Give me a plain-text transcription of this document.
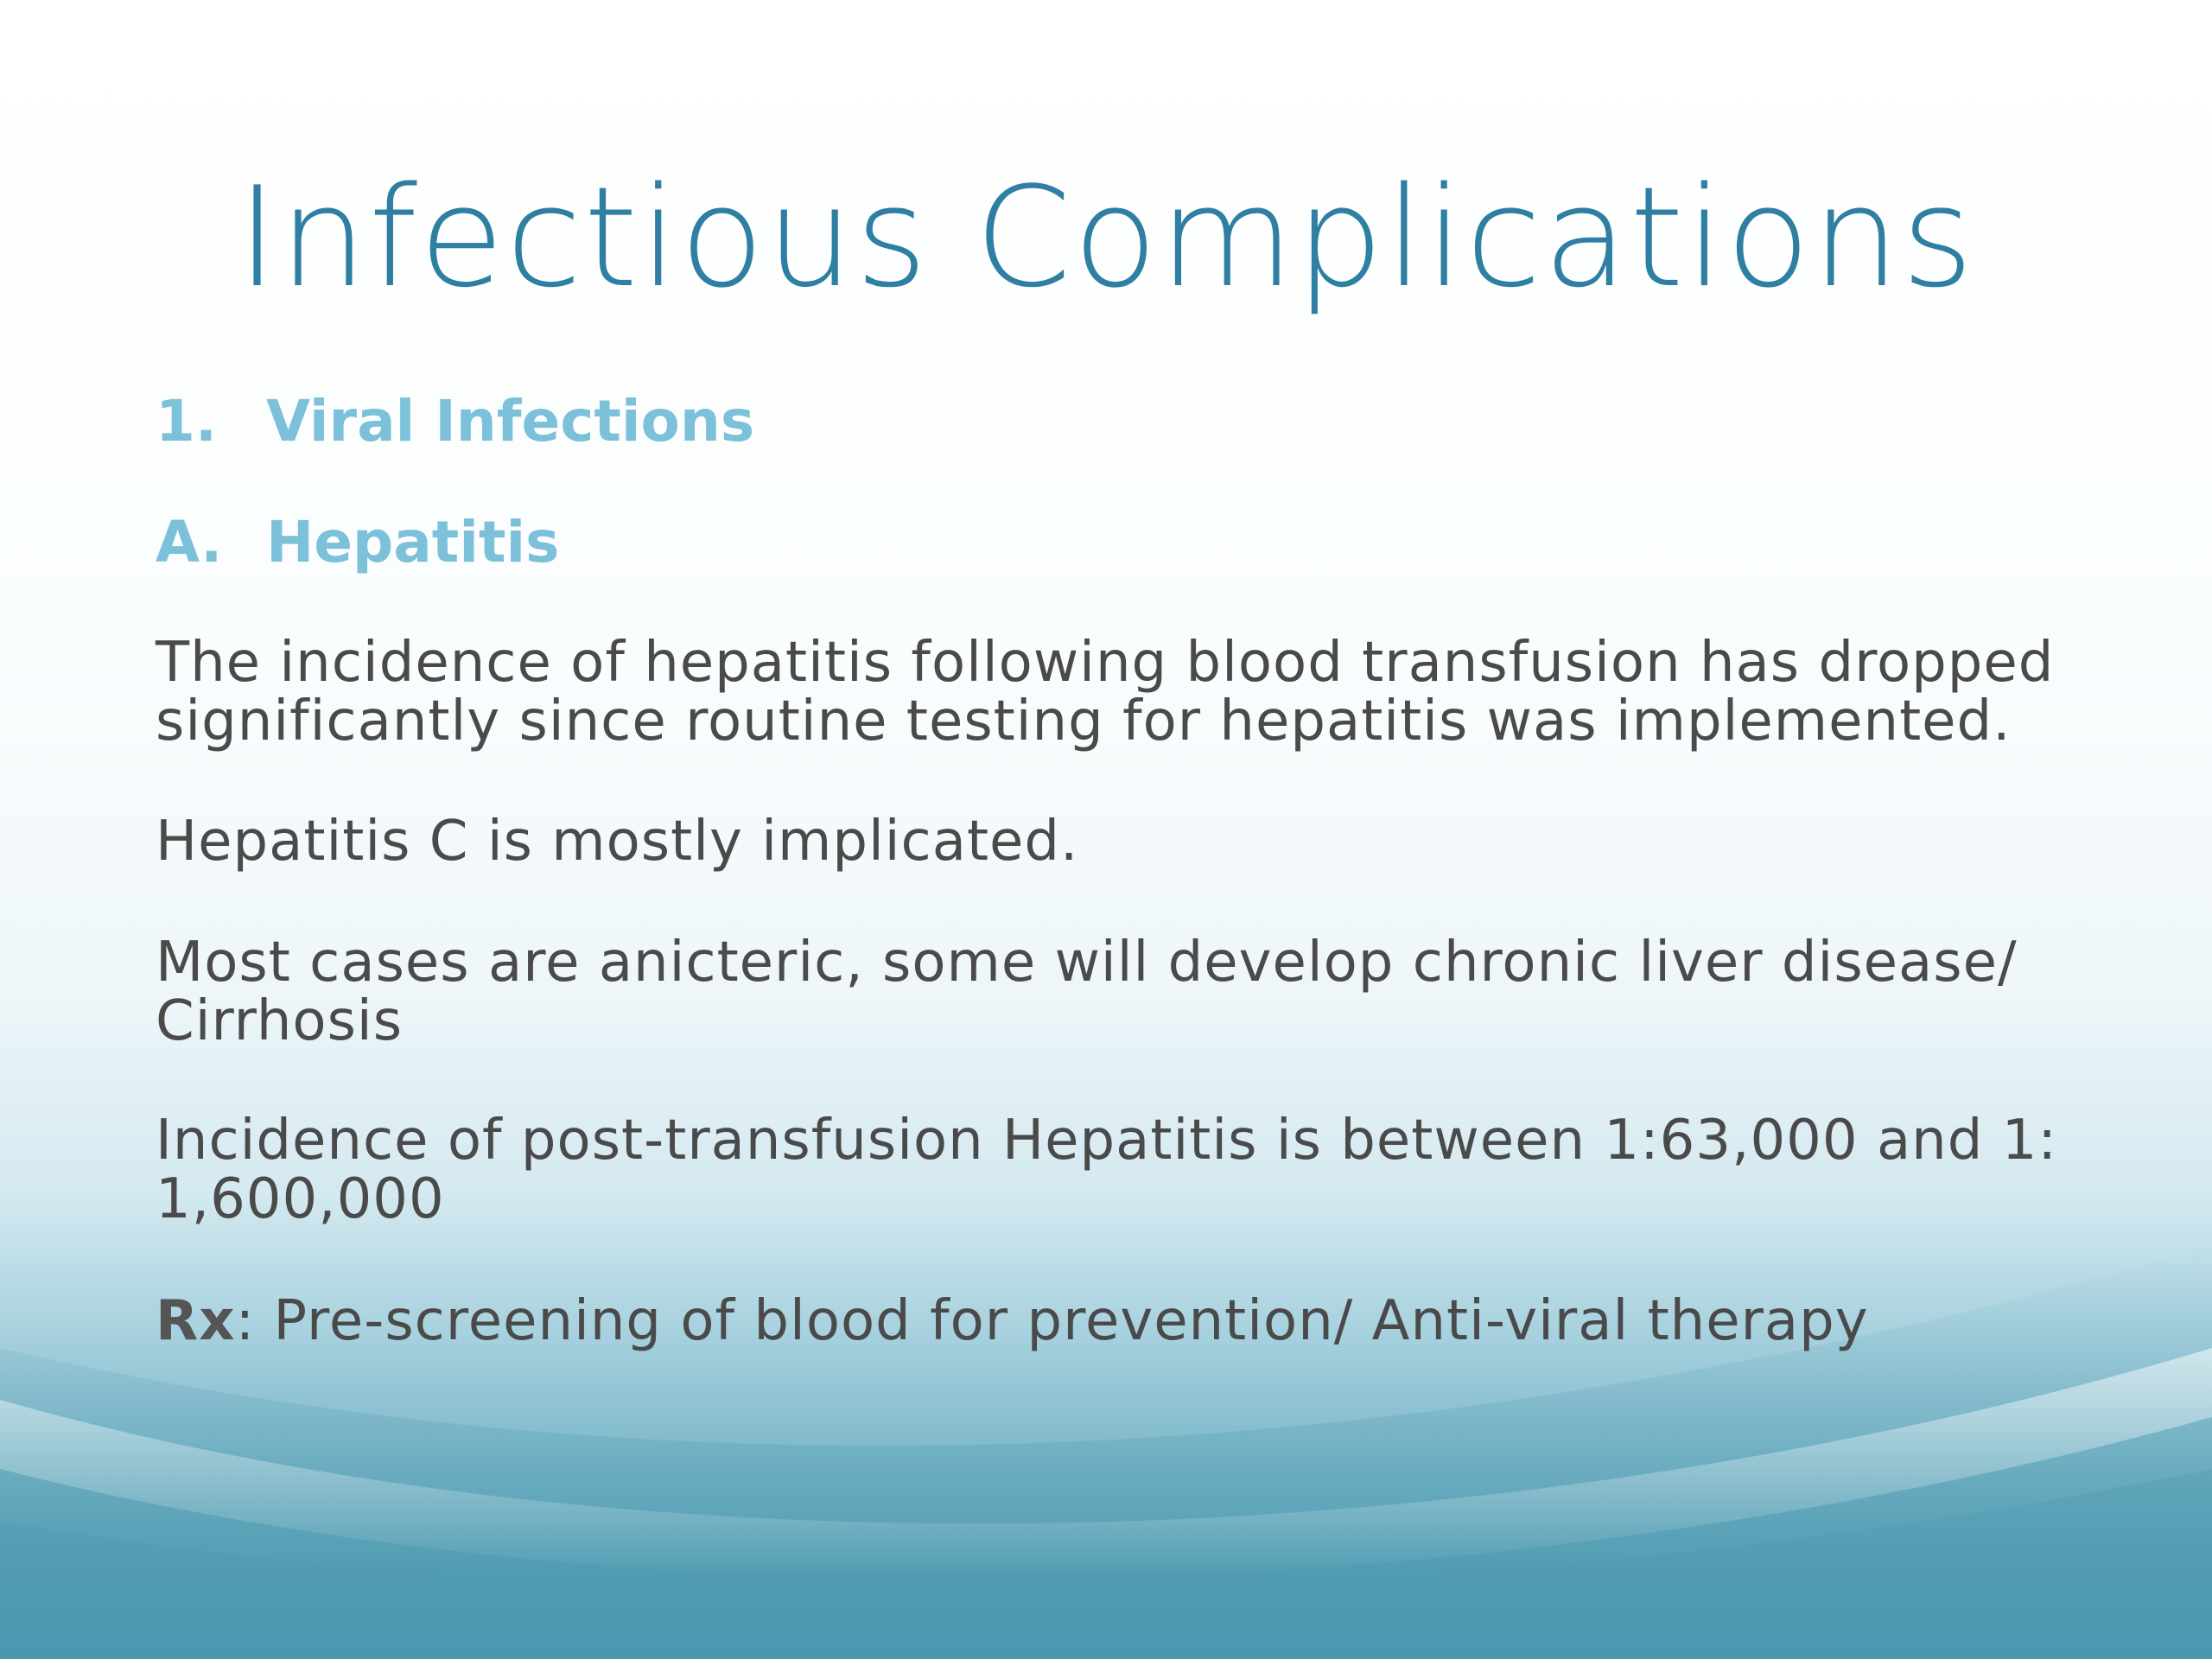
Infectious Complications
1. Viral Infections
A. Hepatitis
The incidence of hepatitis following blood transfusion has dropped significantly since routine testing for hepatitis was implemented.
Hepatitis C is mostly implicated.
Most cases are anicteric, some will develop chronic liver disease/ Cirrhosis
Incidence of post-transfusion Hepatitis is between 1:63,000 and 1: 1,600,000
Rx: Pre-screening of blood for prevention/ Anti-viral therapy
